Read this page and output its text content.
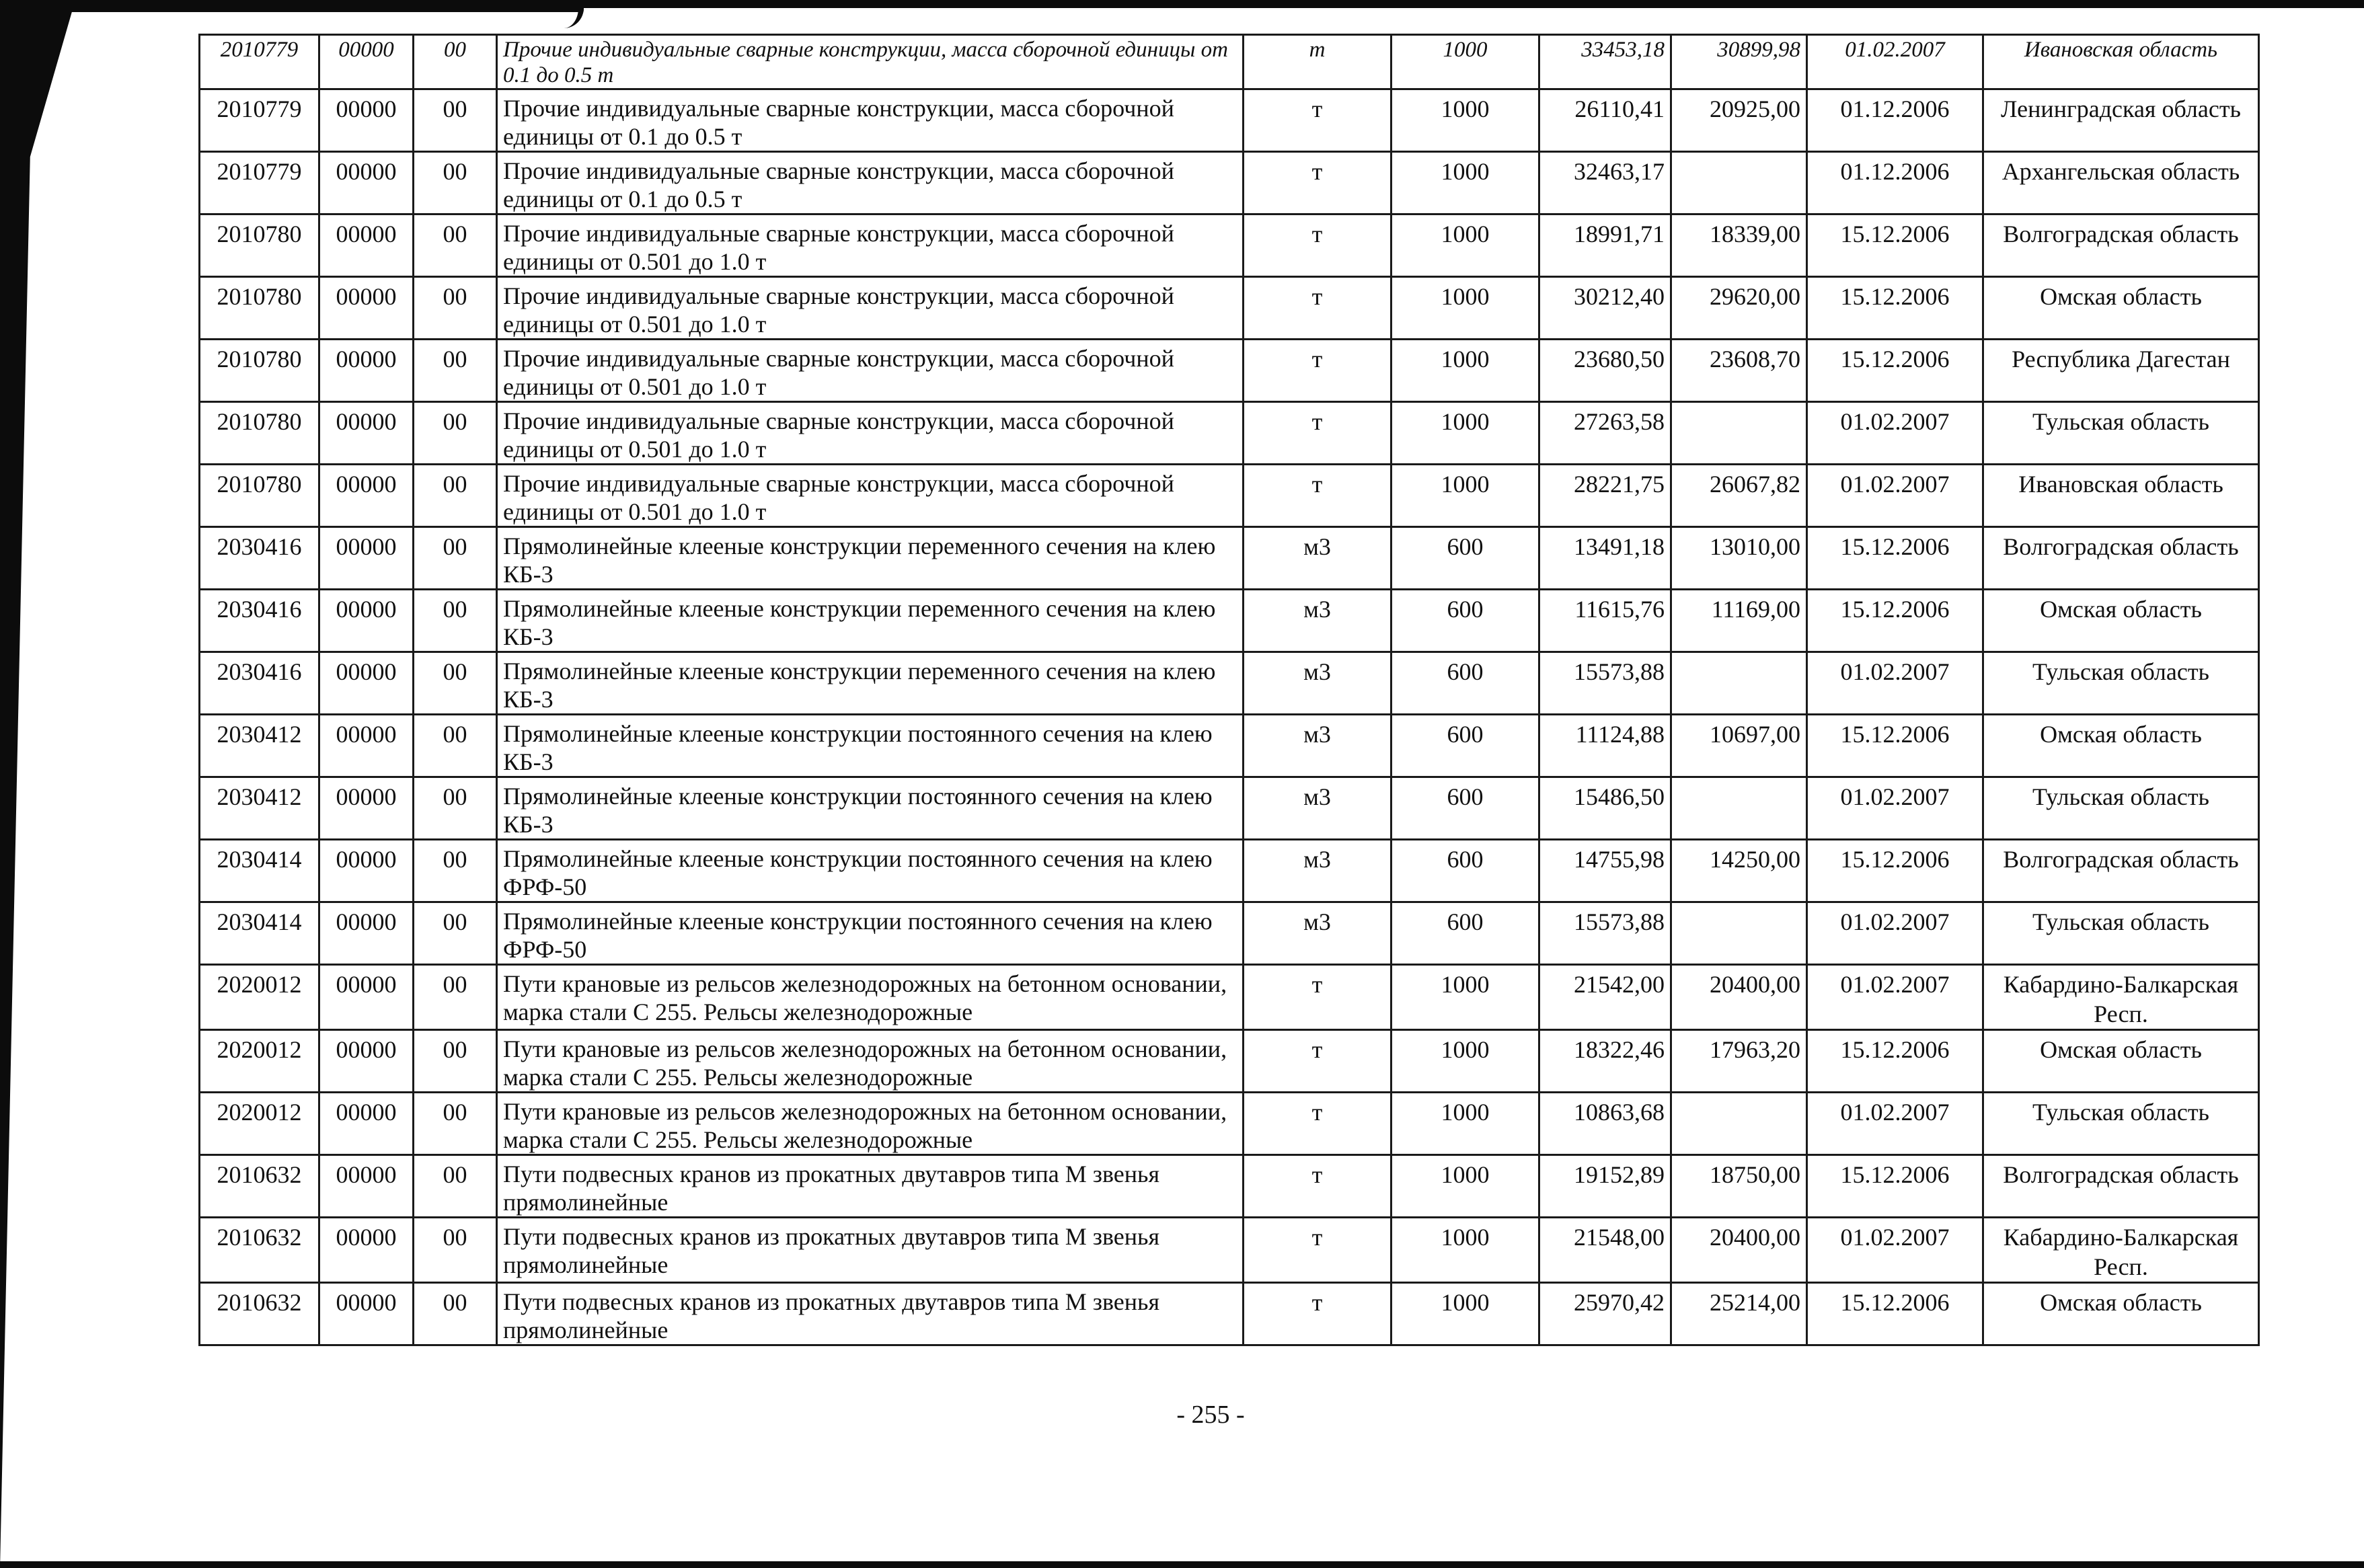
2010779	00000	00	Прочие индивидуальные сварные конструкции, масса сборочной единицы от 0.1 до 0.5 т	т	1000	33453,18	30899,98	01.02.2007	Ивановская область
2010779	00000	00	Прочие индивидуальные сварные конструкции, масса сборочной единицы от 0.1 до 0.5 т	т	1000	26110,41	20925,00	01.12.2006	Ленинградская область
2010779	00000	00	Прочие индивидуальные сварные конструкции, масса сборочной единицы от 0.1 до 0.5 т	т	1000	32463,17		01.12.2006	Архангельская область
2010780	00000	00	Прочие индивидуальные сварные конструкции, масса сборочной единицы от 0.501 до 1.0 т	т	1000	18991,71	18339,00	15.12.2006	Волгоградская область
2010780	00000	00	Прочие индивидуальные сварные конструкции, масса сборочной единицы от 0.501 до 1.0 т	т	1000	30212,40	29620,00	15.12.2006	Омская область
2010780	00000	00	Прочие индивидуальные сварные конструкции, масса сборочной единицы от 0.501 до 1.0 т	т	1000	23680,50	23608,70	15.12.2006	Республика Дагестан
2010780	00000	00	Прочие индивидуальные сварные конструкции, масса сборочной единицы от 0.501 до 1.0 т	т	1000	27263,58		01.02.2007	Тульская область
2010780	00000	00	Прочие индивидуальные сварные конструкции, масса сборочной единицы от 0.501 до 1.0 т	т	1000	28221,75	26067,82	01.02.2007	Ивановская область
2030416	00000	00	Прямолинейные клееные конструкции переменного сечения на клею КБ-3	м3	600	13491,18	13010,00	15.12.2006	Волгоградская область
2030416	00000	00	Прямолинейные клееные конструкции переменного сечения на клею КБ-3	м3	600	11615,76	11169,00	15.12.2006	Омская область
2030416	00000	00	Прямолинейные клееные конструкции переменного сечения на клею КБ-3	м3	600	15573,88		01.02.2007	Тульская область
2030412	00000	00	Прямолинейные клееные конструкции постоянного сечения на клею КБ-3	м3	600	11124,88	10697,00	15.12.2006	Омская область
2030412	00000	00	Прямолинейные клееные конструкции постоянного сечения на клею КБ-3	м3	600	15486,50		01.02.2007	Тульская область
2030414	00000	00	Прямолинейные клееные конструкции постоянного сечения на клею ФРФ-50	м3	600	14755,98	14250,00	15.12.2006	Волгоградская область
2030414	00000	00	Прямолинейные клееные конструкции постоянного сечения на клею ФРФ-50	м3	600	15573,88		01.02.2007	Тульская область
2020012	00000	00	Пути крановые из рельсов железнодорожных на бетонном основании, марка стали С 255. Рельсы железнодорожные	т	1000	21542,00	20400,00	01.02.2007	Кабардино-Балкарская Респ.
2020012	00000	00	Пути крановые из рельсов железнодорожных на бетонном основании, марка стали С 255. Рельсы железнодорожные	т	1000	18322,46	17963,20	15.12.2006	Омская область
2020012	00000	00	Пути крановые из рельсов железнодорожных на бетонном основании, марка стали С 255. Рельсы железнодорожные	т	1000	10863,68		01.02.2007	Тульская область
2010632	00000	00	Пути подвесных кранов из прокатных двутавров типа М звенья прямолинейные	т	1000	19152,89	18750,00	15.12.2006	Волгоградская область
2010632	00000	00	Пути подвесных кранов из прокатных двутавров типа М звенья прямолинейные	т	1000	21548,00	20400,00	01.02.2007	Кабардино-Балкарская Респ.
2010632	00000	00	Пути подвесных кранов из прокатных двутавров типа М звенья прямолинейные	т	1000	25970,42	25214,00	15.12.2006	Омская область
- 255 -
